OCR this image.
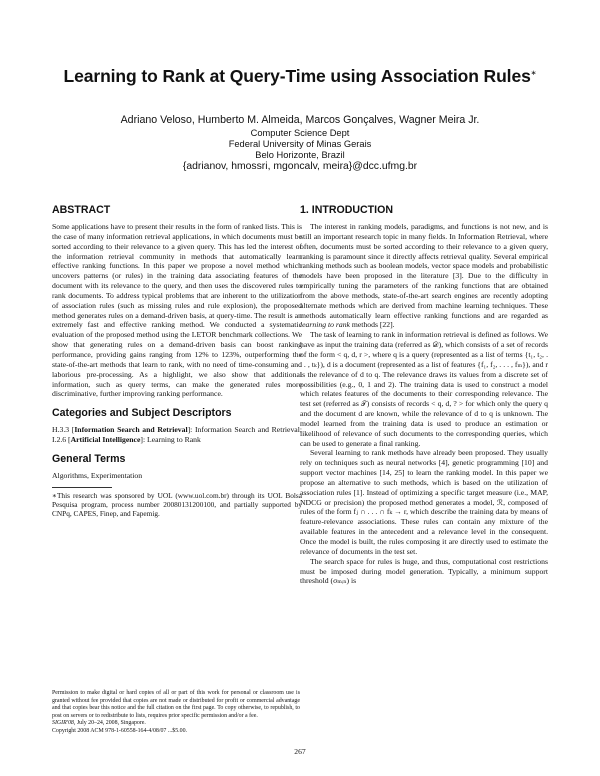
Learning to Rank at Query-Time using Association Rules∗
Adriano Veloso, Humberto M. Almeida, Marcos Gonçalves, Wagner Meira Jr.
Computer Science Dept
Federal University of Minas Gerais
Belo Horizonte, Brazil
{adrianov, hmossri, mgoncalv, meira}@dcc.ufmg.br
ABSTRACT

Some applications have to present their results in the form of ranked lists. This is the case of many information retrieval applications, in which documents must be sorted according to their relevance to a given query. This has led the interest of the information retrieval community in methods that automatically learn effective ranking functions. In this paper we propose a novel method which uncovers patterns (or rules) in the training data associating features of the document with its relevance to the query, and then uses the discovered rules to rank documents. To address typical problems that are inherent to the utilization of association rules (such as missing rules and rule explosion), the proposed method generates rules on a demand-driven basis, at query-time. The result is an extremely fast and effective ranking method. We conducted a systematic evaluation of the proposed method using the LETOR benchmark collections. We show that generating rules on a demand-driven basis can boost ranking performance, providing gains ranging from 12% to 123%, outperforming the state-of-the-art methods that learn to rank, with no need of time-consuming and laborious pre-processing. As a highlight, we also show that additional information, such as query terms, can make the generated rules more discriminative, further improving ranking performance.

Categories and Subject Descriptors

H.3.3 [Information Search and Retrieval]: Information Search and Retrieval; I.2.6 [Artificial Intelligence]: Learning to Rank

General Terms

Algorithms, Experimentation

∗This research was sponsored by UOL (www.uol.com.br) through its UOL Bolsa Pesquisa program, process number 20080131200100, and partially supported by CNPq, CAPES, Finep, and Fapemig.

Permission to make digital or hard copies of all or part of this work for personal or classroom use is granted without fee provided that copies are not made or distributed for profit or commercial advantage and that copies bear this notice and the full citation on the first page. To copy otherwise, to republish, to post on servers or to redistribute to lists, requires prior specific permission and/or a fee.
SIGIR'08, July 20–24, 2008, Singapore.
Copyright 2008 ACM 978-1-60558-164-4/08/07 ...$5.00.
1. INTRODUCTION

The interest in ranking models, paradigms, and functions is not new, and is still an important research topic in many fields. In Information Retrieval, where often, documents must be sorted according to their relevance to a given query, ranking is paramount since it directly affects retrieval quality. Several empirical ranking methods such as boolean models, vector space models and probabilistic models have been proposed in the literature [3]. Due to the difficulty in empirically tuning the parameters of the ranking functions that are obtained from the above methods, state-of-the-art search engines are recently adopting alternate methods which are derived from machine learning techniques. These methods automatically learn effective ranking functions and are regarded as learning to rank methods [22].

The task of learning to rank in information retrieval is defined as follows. We have as input the training data (referred as 𝒟), which consists of a set of records of the form < q, d, r >, where q is a query (represented as a list of terms {t₁, t₂, . . . , tₖ}), d is a document (represented as a list of features {f₁, f₂, . . . , fₘ}), and r is the relevance of d to q. The relevance draws its values from a discrete set of possibilities (e.g., 0, 1 and 2). The training data is used to construct a model which relates features of the documents to their corresponding relevance. The test set (referred as 𝒯) consists of records < q, d, ? > for which only the query q and the document d are known, while the relevance of d to q is unknown. The model learned from the training data is used to produce an estimation or likelihood of relevance of such documents to the corresponding queries, which can be used to generate a final ranking.

Several learning to rank methods have already been proposed. They usually rely on techniques such as neural networks [4], genetic programming [10] and support vector machines [14, 25] to learn the ranking model. In this paper we propose an alternative to such methods, which is based on the utilization of association rules [1]. Instead of optimizing a specific target measure (i.e., MAP, NDCG or precision) the proposed method generates a model, ℛ, composed of rules of the form fⱼ ∩ . . . ∩ fₖ → r, which describe the training data by means of feature-relevance associations. These rules can contain any mixture of the available features in the antecedent and a relevance level in the consequent. Once the model is built, the rules composing it are directly used to estimate the relevance of documents in the test set.

The search space for rules is huge, and thus, computational cost restrictions must be imposed during model generation. Typically, a minimum support threshold (σₘᵢₙ) is

267
